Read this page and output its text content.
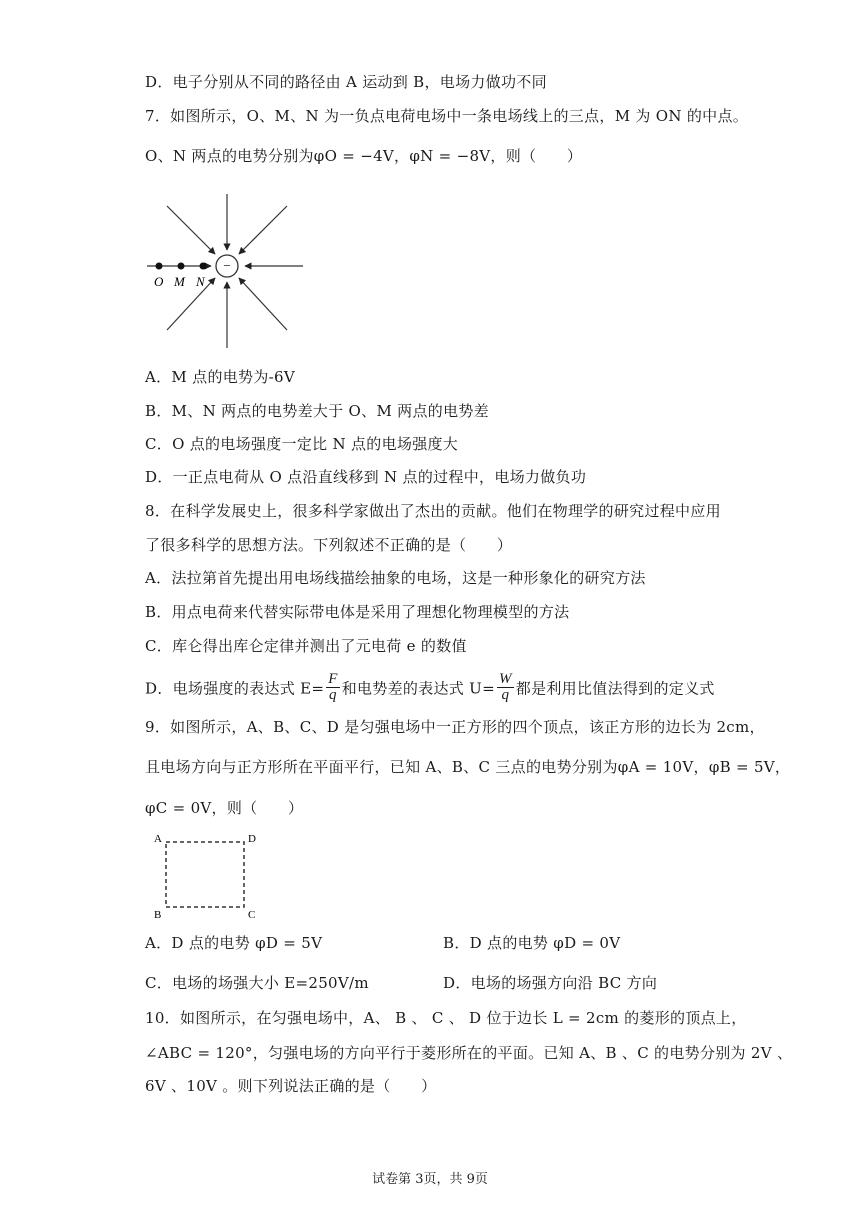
D．电子分别从不同的路径由 A 运动到 B，电场力做功不同
7．如图所示，O、M、N 为一负点电荷电场中一条电场线上的三点，M 为 ON 的中点。
O、N 两点的电势分别为φO = −4V，φN = −8V，则（　　）
−
O M N
A．M 点的电势为-6V
B．M、N 两点的电势差大于 O、M 两点的电势差
C．O 点的电场强度一定比 N 点的电场强度大
D．一正点电荷从 O 点沿直线移到 N 点的过程中，电场力做负功
8．在科学发展史上，很多科学家做出了杰出的贡献。他们在物理学的研究过程中应用
了很多科学的思想方法。下列叙述不正确的是（　　）
A．法拉第首先提出用电场线描绘抽象的电场，这是一种形象化的研究方法
B．用点电荷来代替实际带电体是采用了理想化物理模型的方法
C．库仑得出库仑定律并测出了元电荷 e 的数值
D．电场强度的表达式 $E= \frac{F}{q}$ 和电势差的表达式 $U= \frac{W}{q}$ 都是利用比值法得到的定义式
9．如图所示，A、B、C、D 是匀强电场中一正方形的四个顶点，该正方形的边长为 2cm，
且电场方向与正方形所在平面平行，已知 A、B、C 三点的电势分别为φA = 10V，φB = 5V，
φC = 0V，则（　　）
A	D
B	C
A．D 点的电势 φD = 5V	B．D 点的电势 φD = 0V
C．电场的场强大小 E=250V/m	D．电场的场强方向沿 BC 方向
10．如图所示，在匀强电场中，A、 B 、 C 、 D 位于边长 L = 2cm 的菱形的顶点上，
∠ABC = 120°，匀强电场的方向平行于菱形所在的平面。已知 A、B 、C 的电势分别为 2V 、
6V 、10V 。则下列说法正确的是（　　）
试卷第 3页，共 9页
